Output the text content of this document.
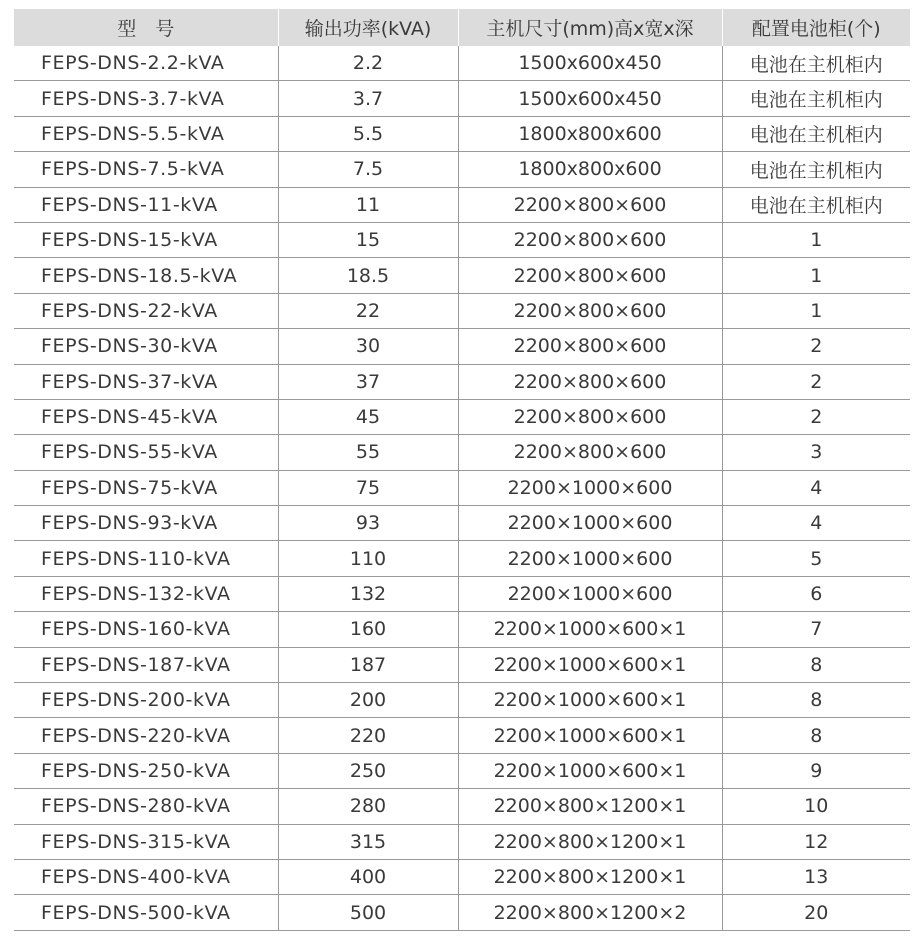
型　号	输出功率(kVA)	主机尺寸(mm)高x宽x深	配置电池柜(个)
FEPS-DNS-2.2-kVA	2.2	1500x600x450	电池在主机柜内
FEPS-DNS-3.7-kVA	3.7	1500x600x450	电池在主机柜内
FEPS-DNS-5.5-kVA	5.5	1800x800x600	电池在主机柜内
FEPS-DNS-7.5-kVA	7.5	1800x800x600	电池在主机柜内
FEPS-DNS-11-kVA	11	2200×800×600	电池在主机柜内
FEPS-DNS-15-kVA	15	2200×800×600	1
FEPS-DNS-18.5-kVA	18.5	2200×800×600	1
FEPS-DNS-22-kVA	22	2200×800×600	1
FEPS-DNS-30-kVA	30	2200×800×600	2
FEPS-DNS-37-kVA	37	2200×800×600	2
FEPS-DNS-45-kVA	45	2200×800×600	2
FEPS-DNS-55-kVA	55	2200×800×600	3
FEPS-DNS-75-kVA	75	2200×1000×600	4
FEPS-DNS-93-kVA	93	2200×1000×600	4
FEPS-DNS-110-kVA	110	2200×1000×600	5
FEPS-DNS-132-kVA	132	2200×1000×600	6
FEPS-DNS-160-kVA	160	2200×1000×600×1	7
FEPS-DNS-187-kVA	187	2200×1000×600×1	8
FEPS-DNS-200-kVA	200	2200×1000×600×1	8
FEPS-DNS-220-kVA	220	2200×1000×600×1	8
FEPS-DNS-250-kVA	250	2200×1000×600×1	9
FEPS-DNS-280-kVA	280	2200×800×1200×1	10
FEPS-DNS-315-kVA	315	2200×800×1200×1	12
FEPS-DNS-400-kVA	400	2200×800×1200×1	13
FEPS-DNS-500-kVA	500	2200×800×1200×2	20
